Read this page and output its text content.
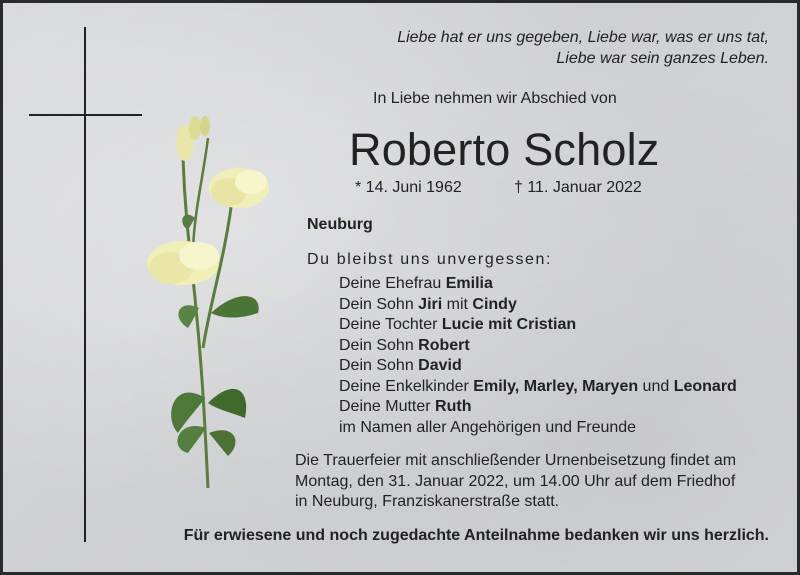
Liebe hat er uns gegeben, Liebe war, was er uns tat,
Liebe war sein ganzes Leben.
In Liebe nehmen wir Abschied von
Roberto Scholz
* 14. Juni 1962	† 11. Januar 2022
Neuburg
Du bleibst uns unvergessen:
Deine Ehefrau Emilia
Dein Sohn Jiri mit Cindy
Deine Tochter Lucie mit Cristian
Dein Sohn Robert
Dein Sohn David
Deine Enkelkinder Emily, Marley, Maryen und Leonard
Deine Mutter Ruth
im Namen aller Angehörigen und Freunde
Die Trauerfeier mit anschließender Urnenbeisetzung findet am
Montag, den 31. Januar 2022, um 14.00 Uhr auf dem Friedhof
in Neuburg, Franziskanerstraße statt.
Für erwiesene und noch zugedachte Anteilnahme bedanken wir uns herzlich.
